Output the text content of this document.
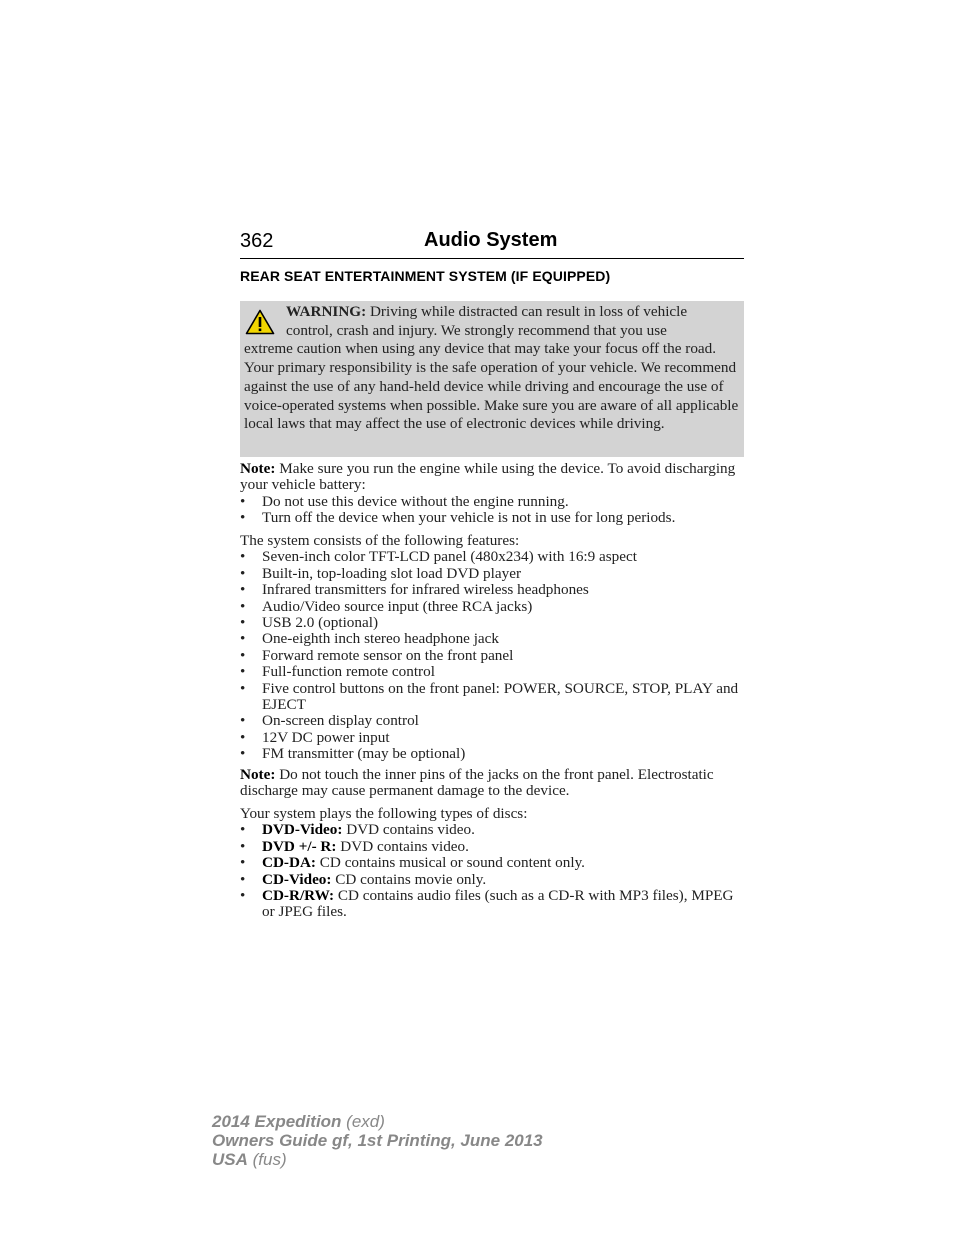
362	Audio System
REAR SEAT ENTERTAINMENT SYSTEM (IF EQUIPPED)
WARNING: Driving while distracted can result in loss of vehicle
control, crash and injury. We strongly recommend that you use
extreme caution when using any device that may take your focus off the road. Your primary responsibility is the safe operation of your vehicle. We recommend against the use of any hand-held device while driving and encourage the use of voice-operated systems when possible. Make sure you are aware of all applicable local laws that may affect the use of electronic devices while driving.

Note: Make sure you run the engine while using the device. To avoid discharging your vehicle battery:

• Do not use this device without the engine running.
• Turn off the device when your vehicle is not in use for long periods.

The system consists of the following features:

• Seven-inch color TFT-LCD panel (480x234) with 16:9 aspect
• Built-in, top-loading slot load DVD player
• Infrared transmitters for infrared wireless headphones
• Audio/Video source input (three RCA jacks)
• USB 2.0 (optional)
• One-eighth inch stereo headphone jack
• Forward remote sensor on the front panel
• Full-function remote control
• Five control buttons on the front panel: POWER, SOURCE, STOP, PLAY and EJECT
• On-screen display control
• 12V DC power input
• FM transmitter (may be optional)

Note: Do not touch the inner pins of the jacks on the front panel. Electrostatic discharge may cause permanent damage to the device.

Your system plays the following types of discs:

• DVD-Video: DVD contains video.
• DVD +/- R: DVD contains video.
• CD-DA: CD contains musical or sound content only.
• CD-Video: CD contains movie only.
• CD-R/RW: CD contains audio files (such as a CD-R with MP3 files), MPEG or JPEG files.
2014 Expedition (exd)
Owners Guide gf, 1st Printing, June 2013
USA (fus)
